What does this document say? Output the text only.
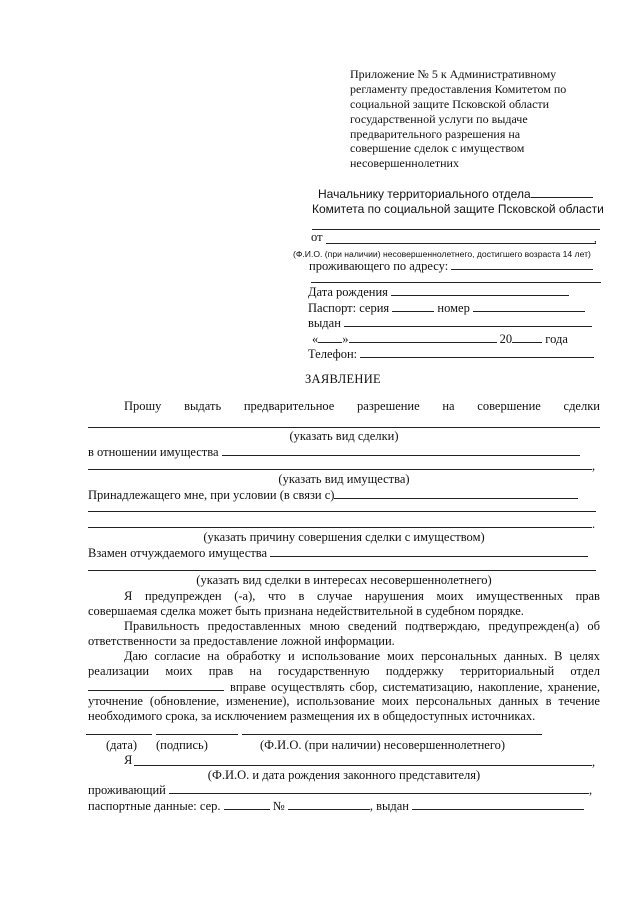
Приложение № 5 к Административному
регламенту предоставления Комитетом по
социальной защите Псковской области
государственной услуги по выдаче
предварительного разрешения на
совершение сделок с имуществом
несовершеннолетних
Начальнику территориального отдела
Комитета по социальной защите Псковской области
от	,
(Ф.И.О. (при наличии) несовершеннолетнего, достигшего возраста 14 лет)
проживающего по адресу:
Дата рождения
Паспорт: серия	номер
выдан
« »	20	года
Телефон:
ЗАЯВЛЕНИЕ
Прошу выдать предварительное разрешение на совершение сделки
(указать вид сделки)
в отношении имущества
,
(указать вид имущества)
Принадлежащего мне, при условии (в связи с)
.
(указать причину совершения сделки с имуществом)
Взамен отчуждаемого имущества
(указать вид сделки в интересах несовершеннолетнего)
Я предупрежден (-а), что в случае нарушения моих имущественных прав
совершаемая сделка может быть признана недействительной в судебном порядке.
Правильность предоставленных мною сведений подтверждаю, предупрежден(а) об
ответственности за предоставление ложной информации.
Даю согласие на обработку и использование моих персональных данных. В целях
реализации моих прав на государственную поддержку территориальный отдел
вправе осуществлять сбор, систематизацию, накопление, хранение,
уточнение (обновление, изменение), использование моих персональных данных в течение
необходимого срока, за исключением размещения их в общедоступных источниках.
(дата) (подпись)	(Ф.И.О. (при наличии) несовершеннолетнего)
Я	,
(Ф.И.О. и дата рождения законного представителя)
проживающий	,
паспортные данные: сер.	№	, выдан
